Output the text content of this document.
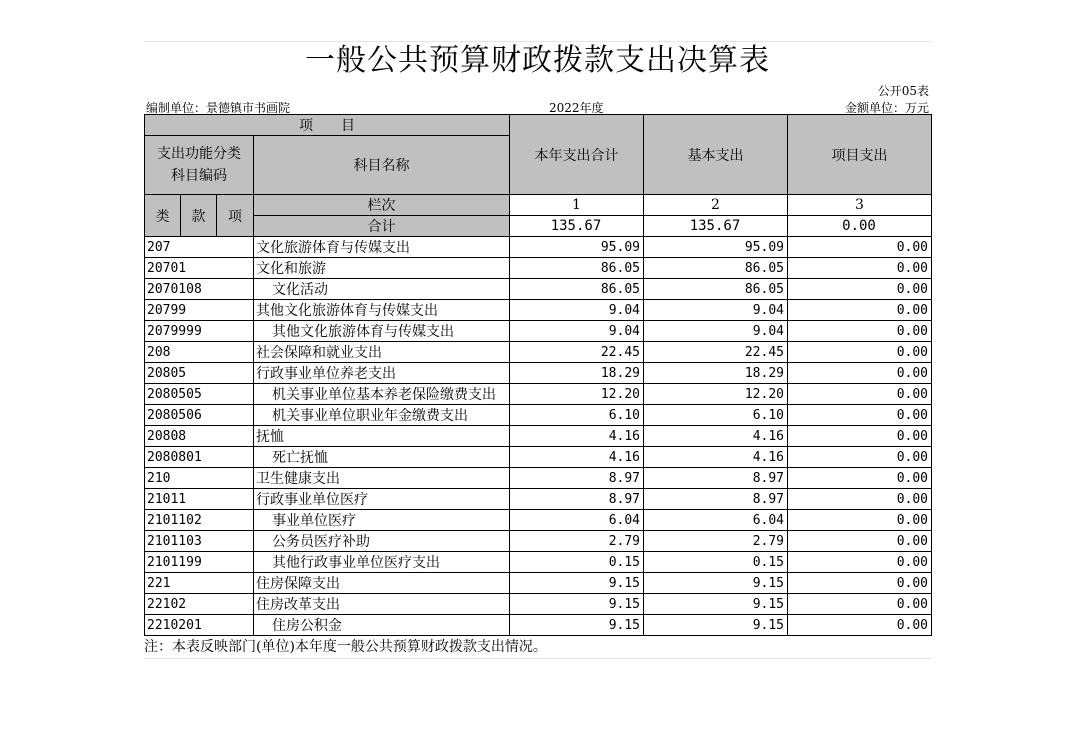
一般公共预算财政拨款支出决算表
公开05表
编制单位：景德镇市书画院	2022年度	金额单位：万元
项　　目				本年支出合计	基本支出	项目支出
支出功能分类
科目编码			科目名称			

类	款	项	栏次	1	2	3
			合计	135.67	135.67	0.00
207			文化旅游体育与传媒支出	95.09	95.09	0.00
20701			文化和旅游	86.05	86.05	0.00
2070108			文化活动	86.05	86.05	0.00
20799			其他文化旅游体育与传媒支出	9.04	9.04	0.00
2079999			其他文化旅游体育与传媒支出	9.04	9.04	0.00
208			社会保障和就业支出	22.45	22.45	0.00
20805			行政事业单位养老支出	18.29	18.29	0.00
2080505			机关事业单位基本养老保险缴费支出	12.20	12.20	0.00
2080506			机关事业单位职业年金缴费支出	6.10	6.10	0.00
20808			抚恤	4.16	4.16	0.00
2080801			死亡抚恤	4.16	4.16	0.00
210			卫生健康支出	8.97	8.97	0.00
21011			行政事业单位医疗	8.97	8.97	0.00
2101102			事业单位医疗	6.04	6.04	0.00
2101103			公务员医疗补助	2.79	2.79	0.00
2101199			其他行政事业单位医疗支出	0.15	0.15	0.00
221			住房保障支出	9.15	9.15	0.00
22102			住房改革支出	9.15	9.15	0.00
2210201			住房公积金	9.15	9.15	0.00
注：本表反映部门(单位)本年度一般公共预算财政拨款支出情况。
